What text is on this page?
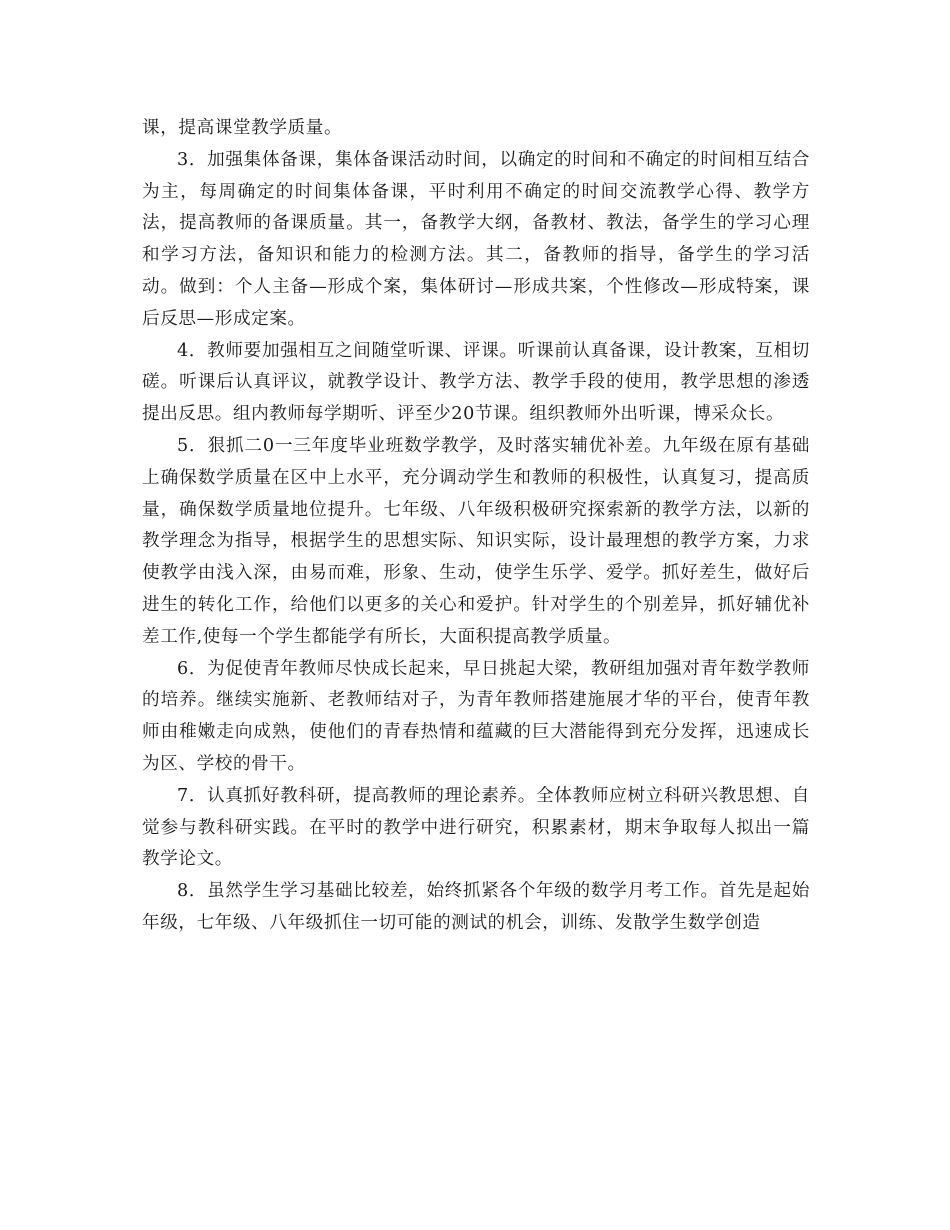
课，提高课堂教学质量。

3．加强集体备课，集体备课活动时间，以确定的时间和不确定的时间相互结合为主，每周确定的时间集体备课，平时利用不确定的时间交流教学心得、教学方法，提高教师的备课质量。其一，备教学大纲，备教材、教法，备学生的学习心理和学习方法，备知识和能力的检测方法。其二，备教师的指导，备学生的学习活动。做到：个人主备—形成个案，集体研讨—形成共案，个性修改—形成特案，课后反思—形成定案。

4．教师要加强相互之间随堂听课、评课。听课前认真备课，设计教案，互相切磋。听课后认真评议，就教学设计、教学方法、教学手段的使用，教学思想的渗透提出反思。组内教师每学期听、评至少20节课。组织教师外出听课，博采众长。

5．狠抓二0一三年度毕业班数学教学，及时落实辅优补差。九年级在原有基础上确保数学质量在区中上水平，充分调动学生和教师的积极性，认真复习，提高质量，确保数学质量地位提升。七年级、八年级积极研究探索新的教学方法，以新的教学理念为指导，根据学生的思想实际、知识实际，设计最理想的教学方案，力求使教学由浅入深，由易而难，形象、生动，使学生乐学、爱学。抓好差生，做好后进生的转化工作，给他们以更多的关心和爱护。针对学生的个别差异，抓好辅优补差工作,使每一个学生都能学有所长，大面积提高教学质量。

6．为促使青年教师尽快成长起来，早日挑起大梁，教研组加强对青年数学教师的培养。继续实施新、老教师结对子，为青年教师搭建施展才华的平台，使青年教师由稚嫩走向成熟，使他们的青春热情和蕴藏的巨大潜能得到充分发挥，迅速成长为区、学校的骨干。

7．认真抓好教科研，提高教师的理论素养。全体教师应树立科研兴教思想、自觉参与教科研实践。在平时的教学中进行研究，积累素材，期末争取每人拟出一篇教学论文。

8．虽然学生学习基础比较差，始终抓紧各个年级的数学月考工作。首先是起始年级，七年级、八年级抓住一切可能的测试的机会，训练、发散学生数学创造
